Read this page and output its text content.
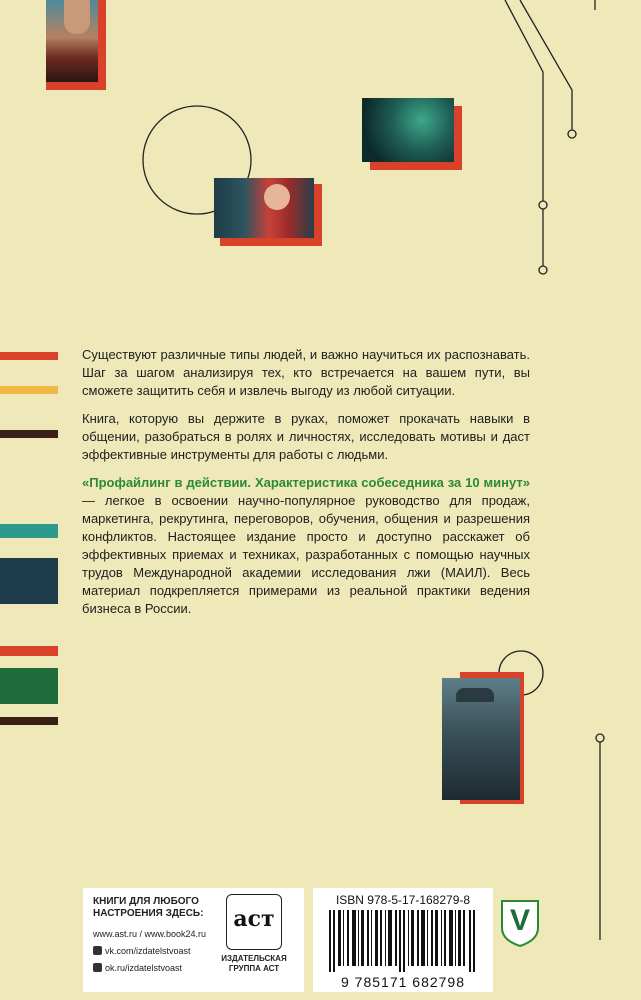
Существуют различные типы людей, и важно научиться их распознавать. Шаг за шагом анализируя тех, кто встречается на вашем пути, вы сможете защитить себя и извлечь выгоду из любой ситуации.

Книга, которую вы держите в руках, поможет прокачать навыки в общении, разобраться в ролях и личностях, исследовать мотивы и даст эффективные инструменты для работы с людьми.

«Профайлинг в действии. Характеристика собеседника за 10 минут» — легкое в освоении научно-популярное руководство для продаж, маркетинга, рекрутинга, переговоров, обучения, общения и разрешения конфликтов. Настоящее издание просто и доступно расскажет об эффективных приемах и техниках, разработанных с помощью научных трудов Международной академии исследования лжи (МАИЛ). Весь материал подкрепляется примерами из реальной практики ведения бизнеса в России.

КНИГИ ДЛЯ ЛЮБОГО
НАСТРОЕНИЯ ЗДЕСЬ:
www.ast.ru / www.book24.ru
vk.com/izdatelstvoast
ok.ru/izdatelstvoast
аст
ИЗДАТЕЛЬСКАЯ
ГРУППА АСТ
ISBN 978-5-17-168279-8
9 785171 682798
V
